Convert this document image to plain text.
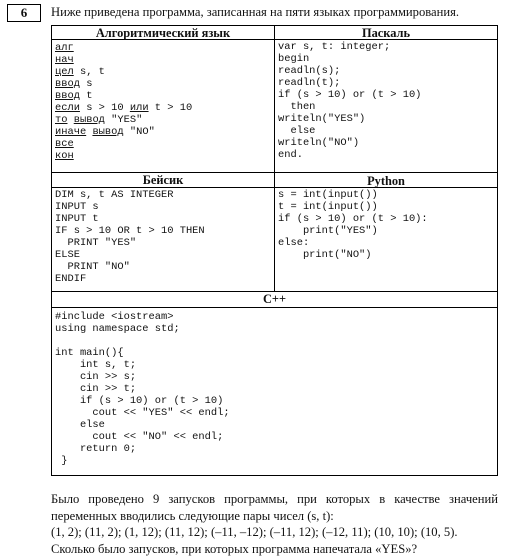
6	Ниже приведена программа, записанная на пяти языках программирования.
Алгоритмический язык	Паскаль
Бейсик	Python
C++
алг
нач
цел s, t
ввод s
ввод t
если s > 10 или t > 10
то вывод "YES"
иначе вывод "NO"
все
кон
var s, t: integer;
begin
readln(s);
readln(t);
if (s > 10) or (t > 10)
then
writeln("YES")
else
writeln("NO")
end.
DIM s, t AS INTEGER
INPUT s
INPUT t
IF s > 10 OR t > 10 THEN
PRINT "YES"
ELSE
PRINT "NO"
ENDIF
s = int(input())
t = int(input())
if (s > 10) or (t > 10):
print("YES")
else:
print("NO")
#include <iostream>
using namespace std;

int main(){
int s, t;
cin >> s;
cin >> t;
if (s > 10) or (t > 10)
cout << "YES" << endl;
else
cout << "NO" << endl;
return 0;
}
Было проведено 9 запусков программы, при которых в качестве значений
переменных вводились следующие пары чисел (s, t):
(1, 2); (11, 2); (1, 12); (11, 12); (–11, –12); (–11, 12); (–12, 11); (10, 10); (10, 5).
Сколько было запусков, при которых программа напечатала «YES»?
